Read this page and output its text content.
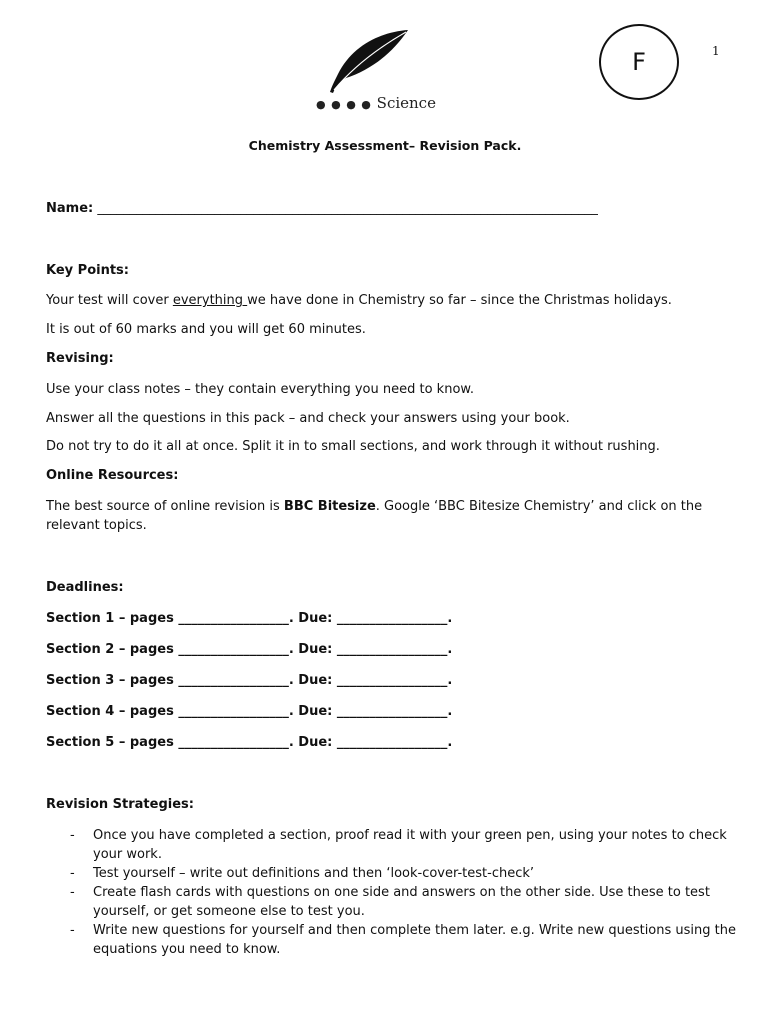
● ● ● ● Science
F	1
Chemistry Assessment– Revision Pack.
Name: _____________________________________________________________________________
Key Points:
Your test will cover everything we have done in Chemistry so far – since the Christmas holidays.
It is out of 60 marks and you will get 60 minutes.
Revising:
Use your class notes – they contain everything you need to know.
Answer all the questions in this pack – and check your answers using your book.
Do not try to do it all at once. Split it in to small sections, and work through it without rushing.
Online Resources:
The best source of online revision is BBC Bitesize. Google ‘BBC Bitesize Chemistry’ and click on the relevant topics.
Deadlines:
Section 1 – pages _________________. Due: _________________.
Section 2 – pages _________________. Due: _________________.
Section 3 – pages _________________. Due: _________________.
Section 4 – pages _________________. Due: _________________.
Section 5 – pages _________________. Due: _________________.
Revision Strategies:
- Once you have completed a section, proof read it with your green pen, using your notes to check your work.
- Test yourself – write out definitions and then ‘look-cover-test-check’
- Create flash cards with questions on one side and answers on the other side. Use these to test yourself, or get someone else to test you.
- Write new questions for yourself and then complete them later. e.g. Write new questions using the equations you need to know.
